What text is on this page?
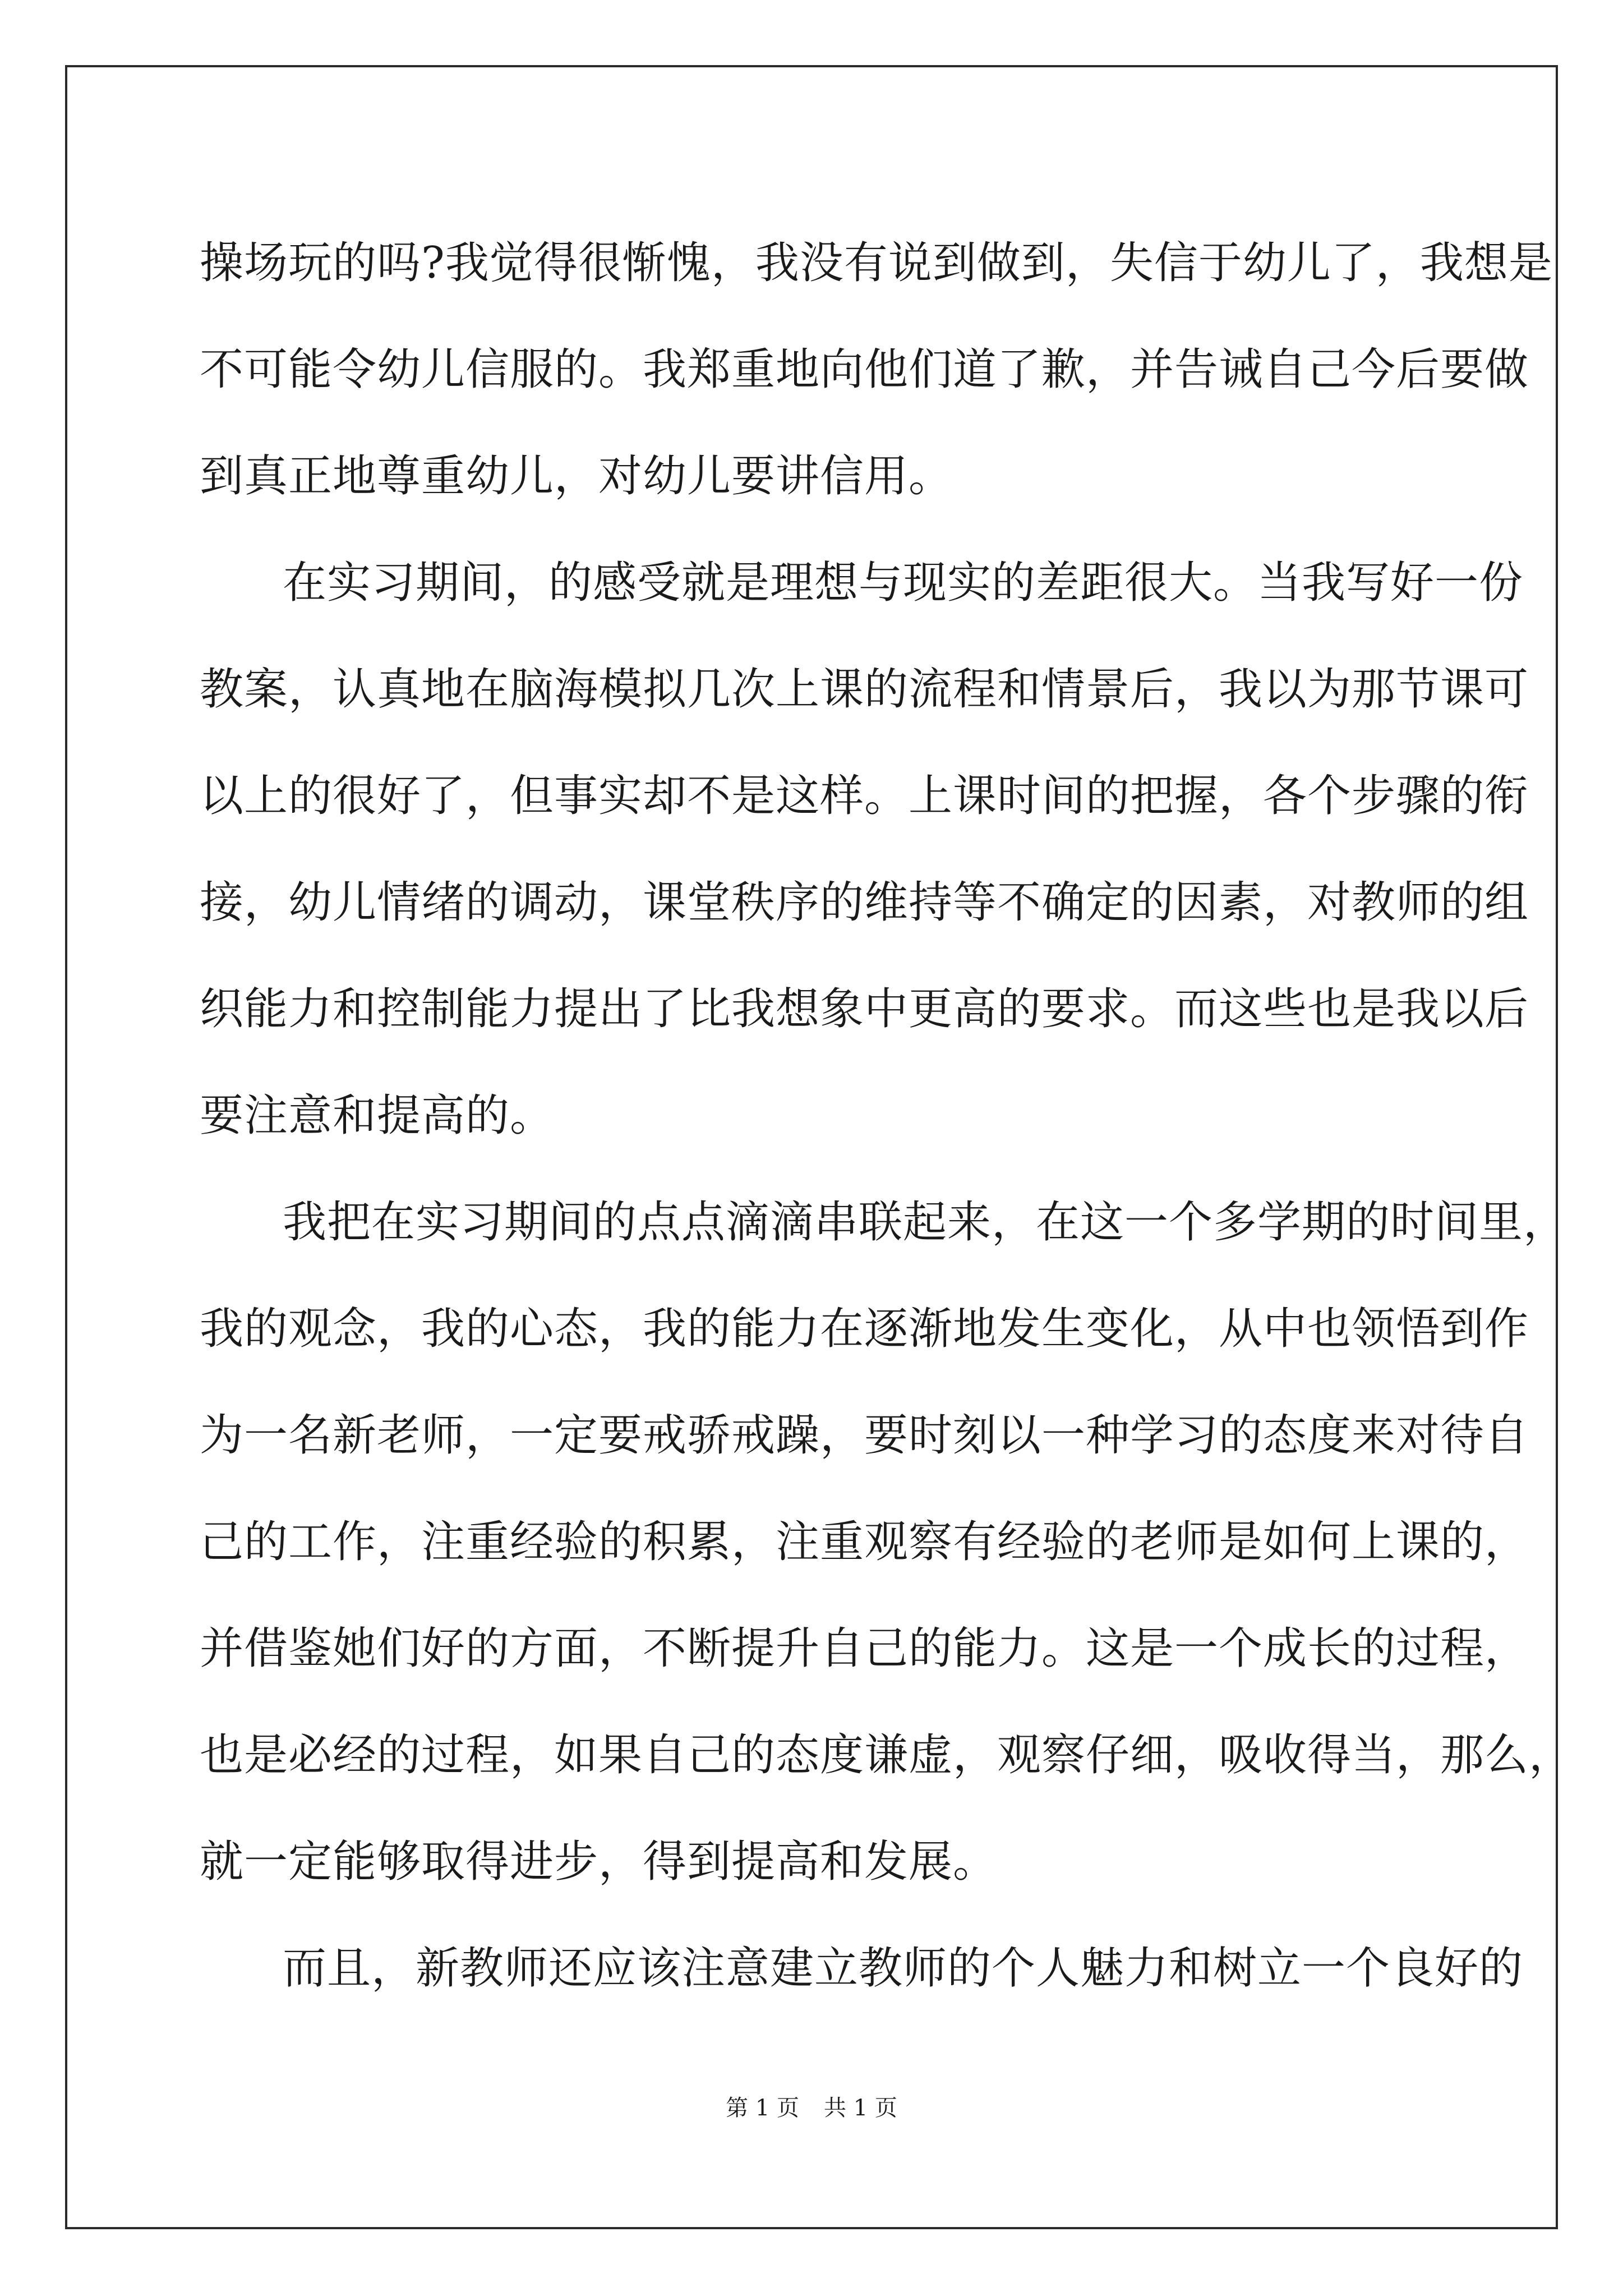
操场玩的吗?我觉得很惭愧，我没有说到做到，失信于幼儿了，我想是
不可能令幼儿信服的。我郑重地向他们道了歉，并告诫自己今后要做
到真正地尊重幼儿，对幼儿要讲信用。
在实习期间，的感受就是理想与现实的差距很大。当我写好一份
教案，认真地在脑海模拟几次上课的流程和情景后，我以为那节课可
以上的很好了，但事实却不是这样。上课时间的把握，各个步骤的衔
接，幼儿情绪的调动，课堂秩序的维持等不确定的因素，对教师的组
织能力和控制能力提出了比我想象中更高的要求。而这些也是我以后
要注意和提高的。
我把在实习期间的点点滴滴串联起来，在这一个多学期的时间里，
我的观念，我的心态，我的能力在逐渐地发生变化，从中也领悟到作
为一名新老师，一定要戒骄戒躁，要时刻以一种学习的态度来对待自
己的工作，注重经验的积累，注重观察有经验的老师是如何上课的，
并借鉴她们好的方面，不断提升自己的能力。这是一个成长的过程，
也是必经的过程，如果自己的态度谦虚，观察仔细，吸收得当，那么，
就一定能够取得进步，得到提高和发展。
而且，新教师还应该注意建立教师的个人魅力和树立一个良好的
第 1 页 共 1 页
